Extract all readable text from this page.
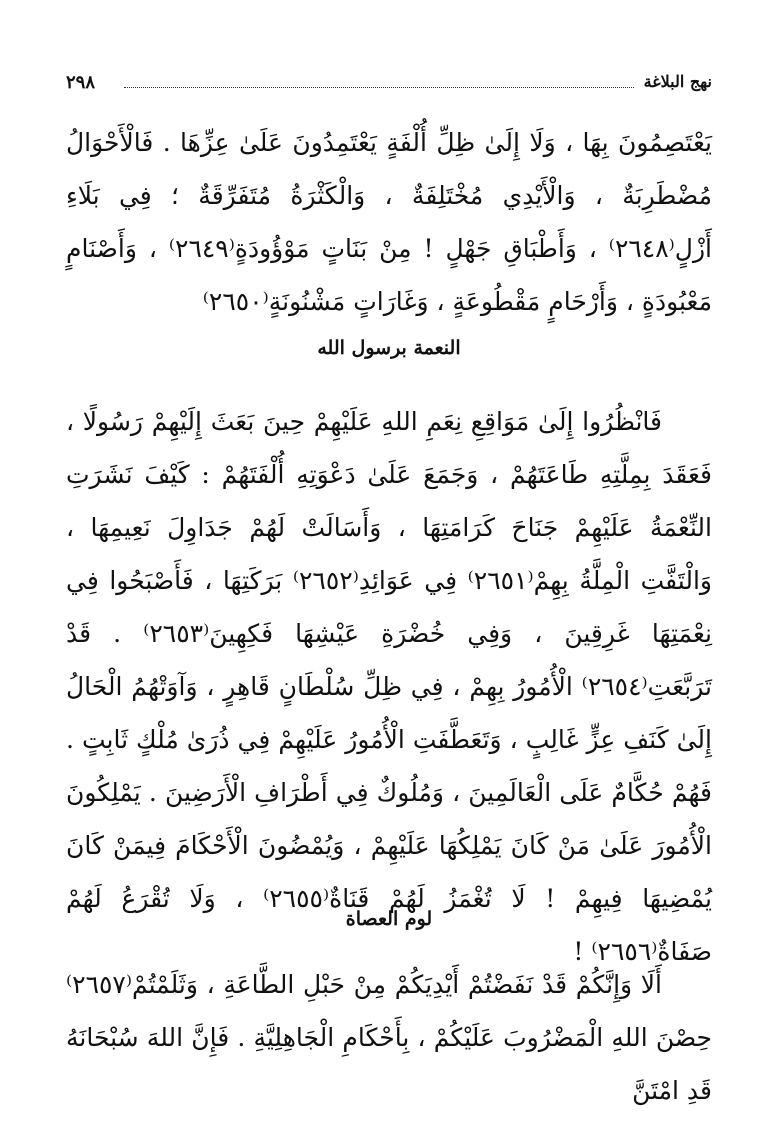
٢٩٨	نهج البلاغة

يَعْتَصِمُونَ بِهَا ، وَلَا إِلَىٰ ظِلِّ أُلْفَةٍ يَعْتَمِدُونَ عَلَىٰ عِزِّهَا . فَالْأَحْوَالُ مُضْطَرِبَةٌ ، وَالْأَيْدِي مُخْتَلِفَةٌ ، وَالْكَثْرَةُ مُتَفَرِّقَةٌ ؛ فِي بَلَاءِ أَزْلٍ⁽٢٦٤٨⁾ ، وَأَطْبَاقِ جَهْلٍ ! مِنْ بَنَاتٍ مَوْؤُودَةٍ⁽٢٦٤٩⁾ ، وَأَصْنَامٍ مَعْبُودَةٍ ، وَأَرْحَامٍ مَقْطُوعَةٍ ، وَغَارَاتٍ مَشْنُونَةٍ⁽٢٦٥٠⁾

النعمة برسول الله

فَانْظُرُوا إِلَىٰ مَوَاقِعِ نِعَمِ اللهِ عَلَيْهِمْ حِينَ بَعَثَ إِلَيْهِمْ رَسُولًا ، فَعَقَدَ بِمِلَّتِهِ طَاعَتَهُمْ ، وَجَمَعَ عَلَىٰ دَعْوَتِهِ أُلْفَتَهُمْ : كَيْفَ نَشَرَتِ النِّعْمَةُ عَلَيْهِمْ جَنَاحَ كَرَامَتِهَا ، وَأَسَالَتْ لَهُمْ جَدَاوِلَ نَعِيمِهَا ، وَالْتَفَّتِ الْمِلَّةُ بِهِمْ⁽٢٦٥١⁾ فِي عَوَائِدِ⁽٢٦٥٢⁾ بَرَكَتِهَا ، فَأَصْبَحُوا فِي نِعْمَتِهَا غَرِقِينَ ، وَفِي خُضْرَةِ عَيْشِهَا فَكِهِينَ⁽٢٦٥٣⁾ . قَدْ تَرَبَّعَتِ⁽٢٦٥٤⁾ الْأُمُورُ بِهِمْ ، فِي ظِلِّ سُلْطَانٍ قَاهِرٍ ، وَآوَتْهُمُ الْحَالُ إِلَىٰ كَنَفِ عِزٍّ غَالِبٍ ، وَتَعَطَّفَتِ الْأُمُورُ عَلَيْهِمْ فِي ذُرَىٰ مُلْكٍ ثَابِتٍ . فَهُمْ حُكَّامٌ عَلَى الْعَالَمِينَ ، وَمُلُوكٌ فِي أَطْرَافِ الْأَرَضِينَ . يَمْلِكُونَ الْأُمُورَ عَلَىٰ مَنْ كَانَ يَمْلِكُهَا عَلَيْهِمْ ، وَيُمْضُونَ الْأَحْكَامَ فِيمَنْ كَانَ يُمْضِيهَا فِيهِمْ ! لَا تُغْمَزُ لَهُمْ قَنَاةٌ⁽٢٦٥٥⁾ ، وَلَا تُقْرَعُ لَهُمْ صَفَاةٌ⁽٢٦٥٦⁾ !

لوم العصاة

أَلَا وَإِنَّكُمْ قَدْ نَفَضْتُمْ أَيْدِيَكُمْ مِنْ حَبْلِ الطَّاعَةِ ، وَثَلَمْتُمْ⁽٢٦٥٧⁾ حِصْنَ اللهِ الْمَضْرُوبَ عَلَيْكُمْ ، بِأَحْكَامِ الْجَاهِلِيَّةِ . فَإِنَّ اللهَ سُبْحَانَهُ قَدِ امْتَنَّ
